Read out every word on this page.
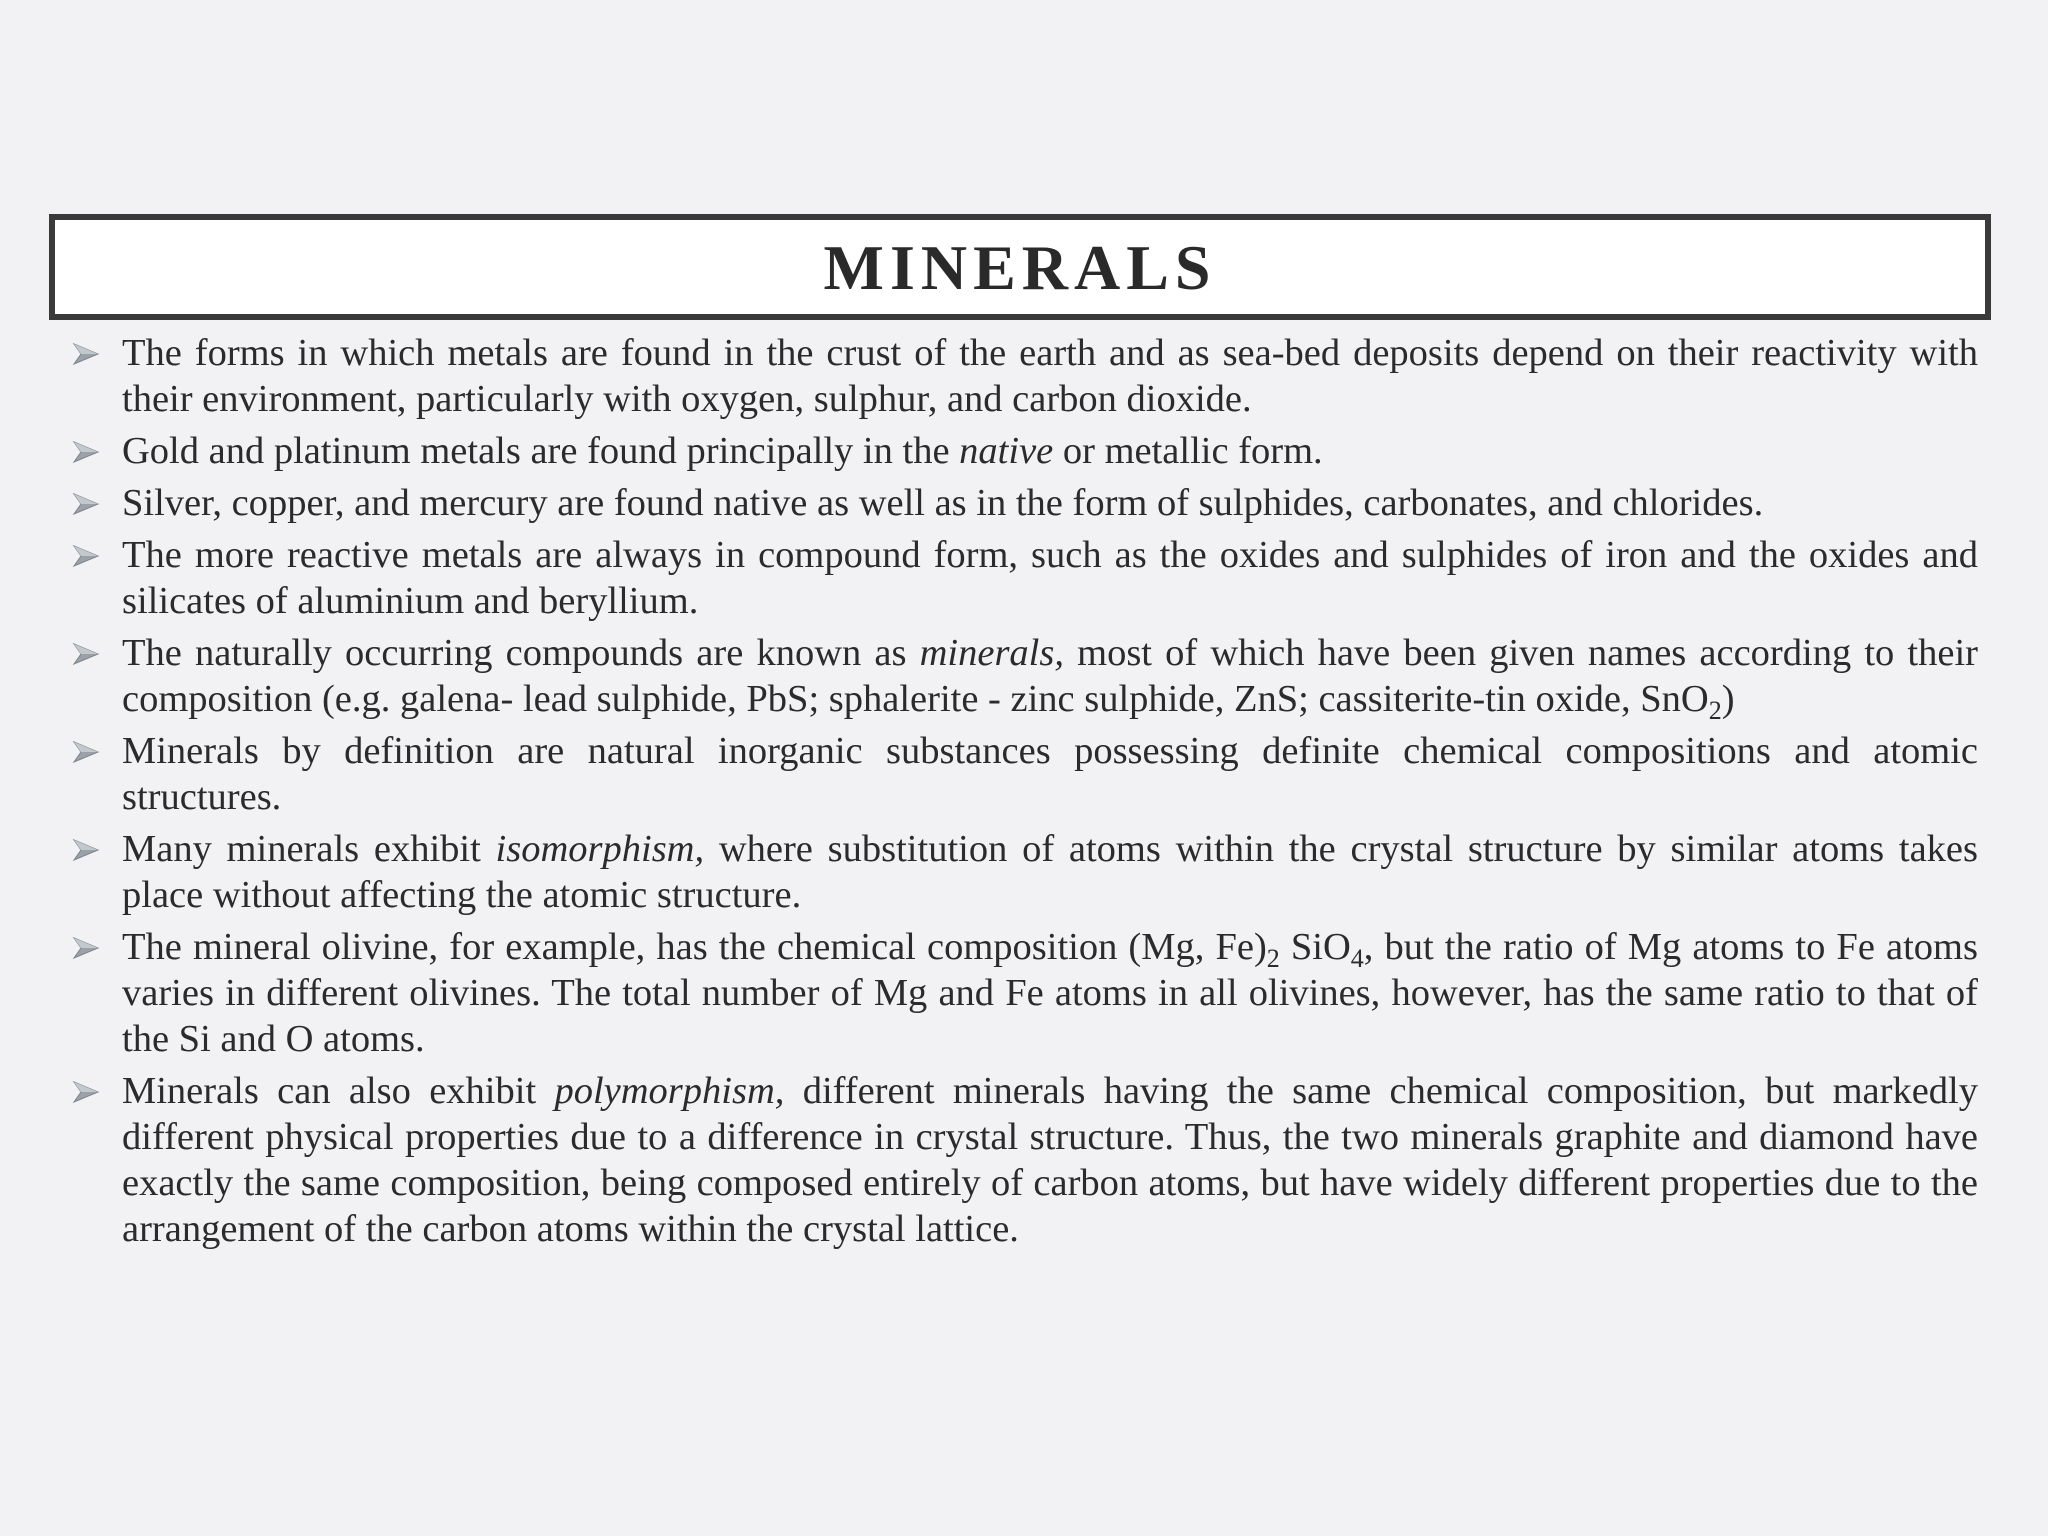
MINERALS
The forms in which metals are found in the crust of the earth and as sea-bed deposits depend on their reactivity with their environment, particularly with oxygen, sulphur, and carbon dioxide.
Gold and platinum metals are found principally in the native or metallic form.
Silver, copper, and mercury are found native as well as in the form of sulphides, carbonates, and chlorides.
The more reactive metals are always in compound form, such as the oxides and sulphides of iron and the oxides and silicates of aluminium and beryllium.
The naturally occurring compounds are known as minerals, most of which have been given names according to their composition (e.g. galena- lead sulphide, PbS; sphalerite - zinc sulphide, ZnS; cassiterite-tin oxide, SnO$_2$)
Minerals by definition are natural inorganic substances possessing definite chemical compositions and atomic structures.
Many minerals exhibit isomorphism, where substitution of atoms within the crystal structure by similar atoms takes place without affecting the atomic structure.
The mineral olivine, for example, has the chemical composition (Mg, $Fe)_2$ SiO$_4$, but the ratio of Mg atoms to Fe atoms varies in different olivines. The total number of Mg and Fe atoms in all olivines, however, has the same ratio to that of the Si and O atoms.
Minerals can also exhibit polymorphism, different minerals having the same chemical composition, but markedly different physical properties due to a difference in crystal structure. Thus, the two minerals graphite and diamond have exactly the same composition, being composed entirely of carbon atoms, but have widely different properties due to the arrangement of the carbon atoms within the crystal lattice.
